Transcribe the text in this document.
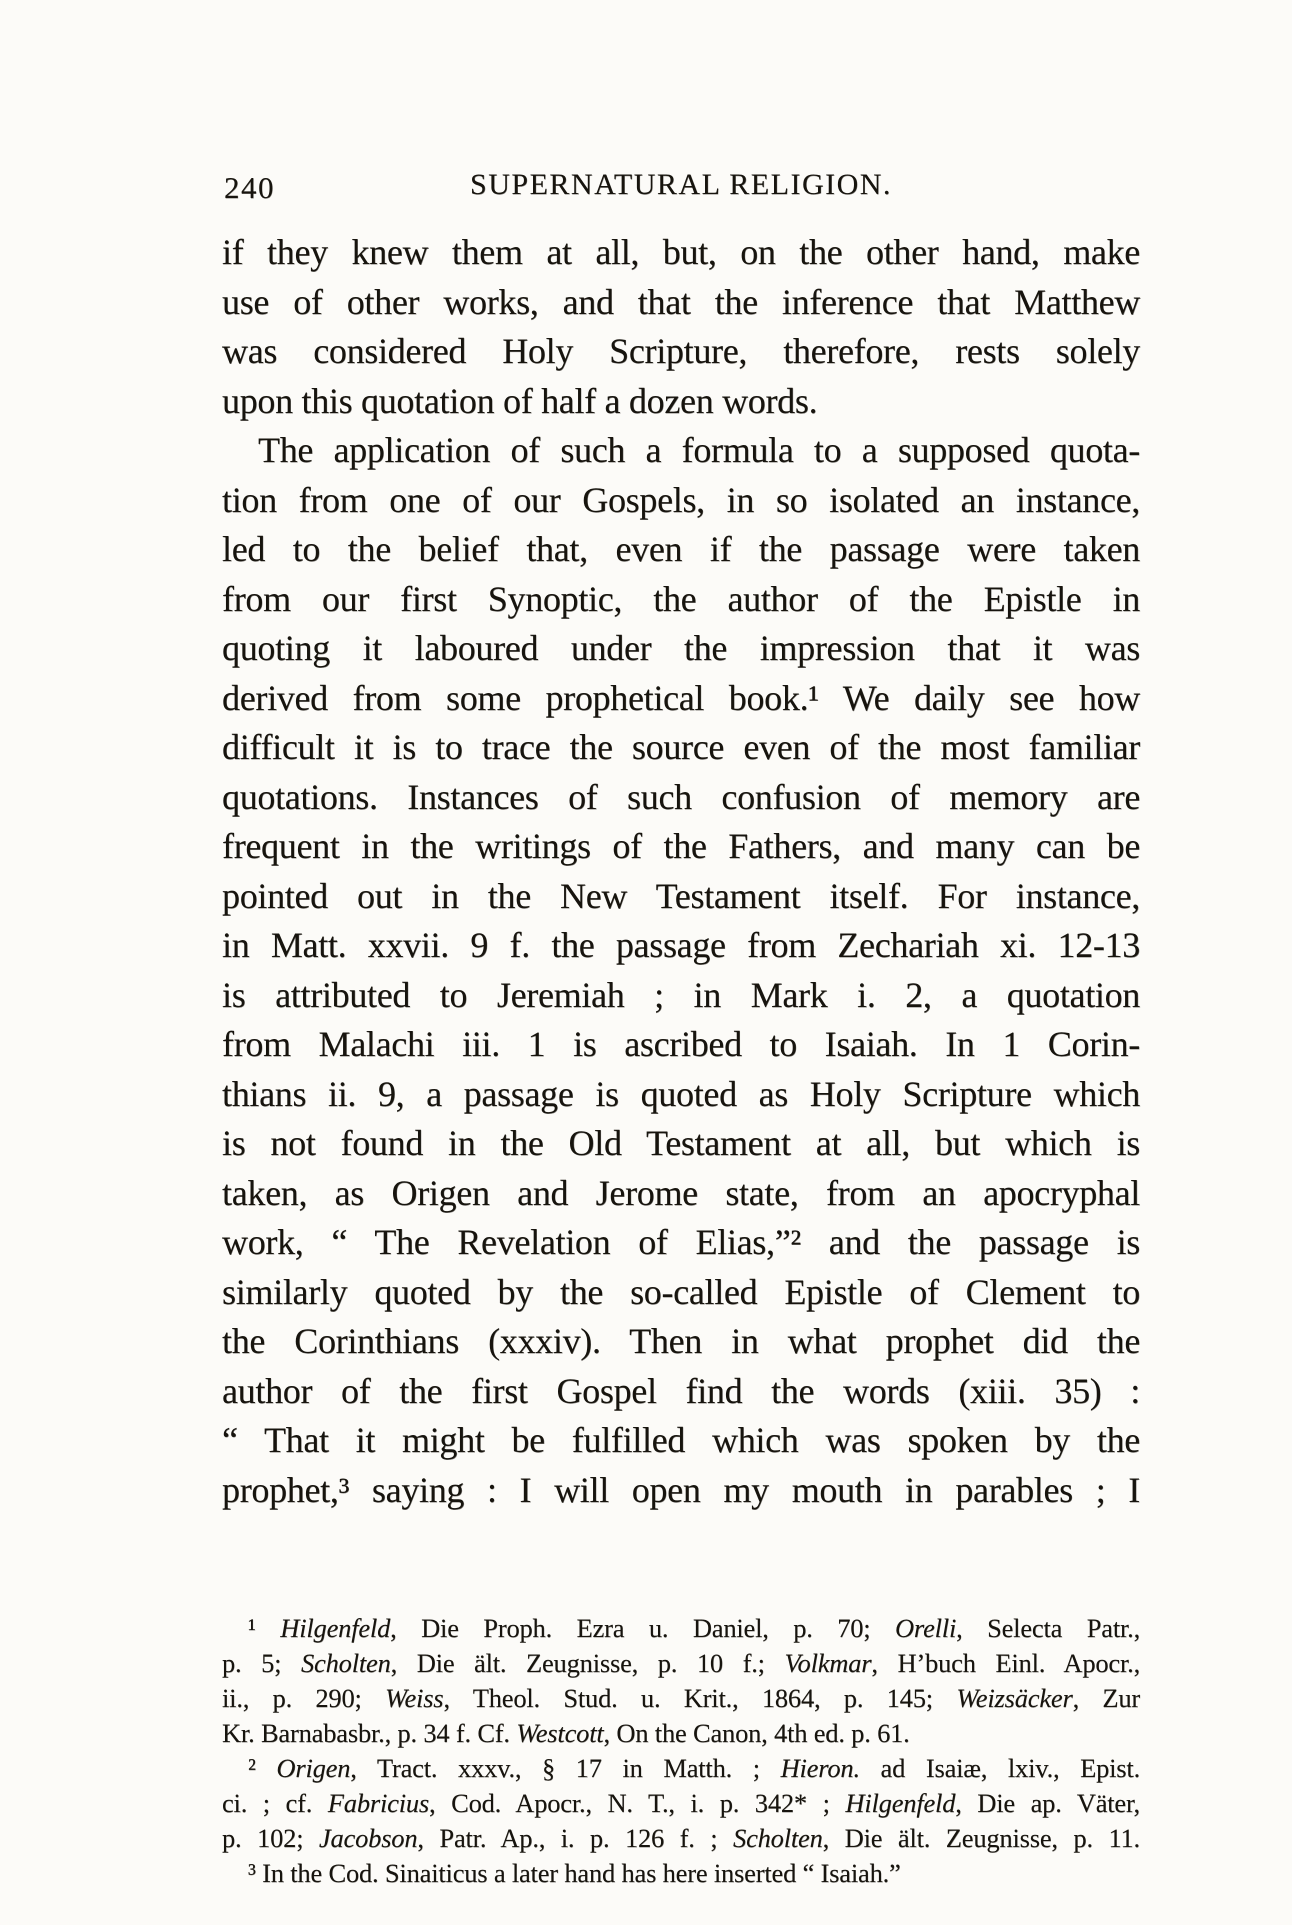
240	SUPERNATURAL RELIGION.
if they knew them at all, but, on the other hand, make
use of other works, and that the inference that Matthew
was considered Holy Scripture, therefore, rests solely
upon this quotation of half a dozen words.
The application of such a formula to a supposed quota-
tion from one of our Gospels, in so isolated an instance,
led to the belief that, even if the passage were taken
from our first Synoptic, the author of the Epistle in
quoting it laboured under the impression that it was
derived from some prophetical book.¹ We daily see how
difficult it is to trace the source even of the most familiar
quotations. Instances of such confusion of memory are
frequent in the writings of the Fathers, and many can be
pointed out in the New Testament itself. For instance,
in Matt. xxvii. 9 f. the passage from Zechariah xi. 12-13
is attributed to Jeremiah ; in Mark i. 2, a quotation
from Malachi iii. 1 is ascribed to Isaiah. In 1 Corin-
thians ii. 9, a passage is quoted as Holy Scripture which
is not found in the Old Testament at all, but which is
taken, as Origen and Jerome state, from an apocryphal
work, “ The Revelation of Elias,”² and the passage is
similarly quoted by the so-called Epistle of Clement to
the Corinthians (xxxiv). Then in what prophet did the
author of the first Gospel find the words (xiii. 35) :
“ That it might be fulfilled which was spoken by the
prophet,³ saying : I will open my mouth in parables ; I
¹ Hilgenfeld, Die Proph. Ezra u. Daniel, p. 70; Orelli, Selecta Patr.,
p. 5; Scholten, Die ält. Zeugnisse, p. 10 f.; Volkmar, H’buch Einl. Apocr.,
ii., p. 290; Weiss, Theol. Stud. u. Krit., 1864, p. 145; Weizsäcker, Zur
Kr. Barnabasbr., p. 34 f. Cf. Westcott, On the Canon, 4th ed. p. 61.
² Origen, Tract. xxxv., § 17 in Matth. ; Hieron. ad Isaiæ, lxiv., Epist.
ci. ; cf. Fabricius, Cod. Apocr., N. T., i. p. 342* ; Hilgenfeld, Die ap. Väter,
p. 102; Jacobson, Patr. Ap., i. p. 126 f. ; Scholten, Die ält. Zeugnisse, p. 11.
³ In the Cod. Sinaiticus a later hand has here inserted “ Isaiah.”
